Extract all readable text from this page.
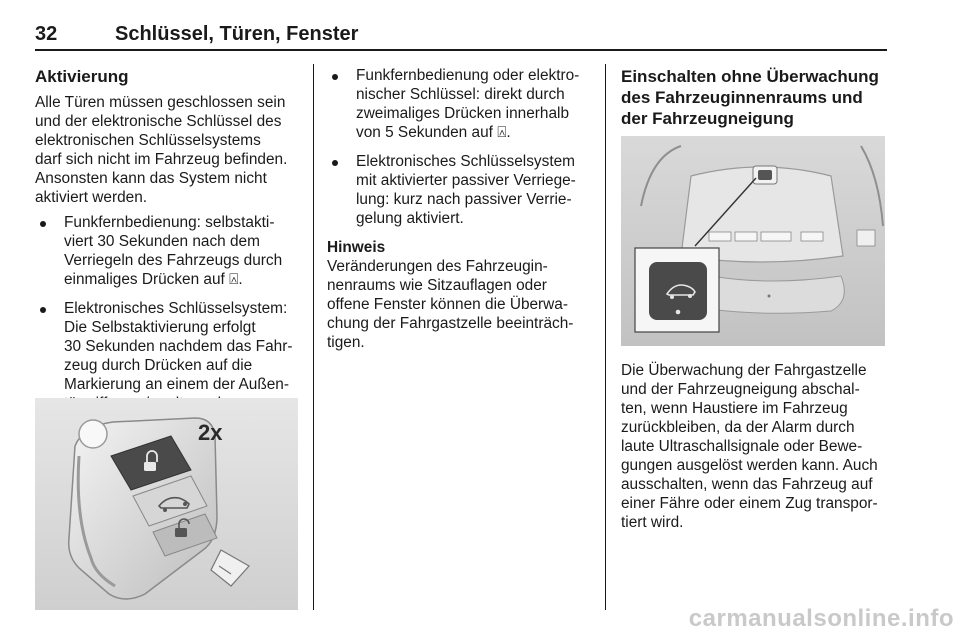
32	Schlüssel, Türen, Fenster
Aktivierung
Alle Türen müssen geschlossen sein
und der elektronische Schlüssel des
elektronischen Schlüsselsystems
darf sich nicht im Fahrzeug befinden.
Ansonsten kann das System nicht
aktiviert werden.
Funkfernbedienung: selbstakti-
viert 30 Sekunden nach dem
Verriegeln des Fahrzeugs durch
einmaliges Drücken auf ⍓.
Elektronisches Schlüsselsystem:
Die Selbstaktivierung erfolgt
30 Sekunden nachdem das Fahr-
zeug durch Drücken auf die
Markierung an einem der Außen-
2x
Funkfernbedienung oder elektro-
nischer Schlüssel: direkt durch
zweimaliges Drücken innerhalb
von 5 Sekunden auf ⍓.
Elektronisches Schlüsselsystem
mit aktivierter passiver Verriege-
lung: kurz nach passiver Verrie-
gelung aktiviert.
Hinweis
Veränderungen des Fahrzeugin-
nenraums wie Sitzauflagen oder
offene Fenster können die Überwa-
chung der Fahrgastzelle beeinträch-
tigen.
Einschalten ohne Überwachung
des Fahrzeuginnenraums und
der Fahrzeugneigung
Die Überwachung der Fahrgastzelle
und der Fahrzeugneigung abschal-
ten, wenn Haustiere im Fahrzeug
zurückbleiben, da der Alarm durch
laute Ultraschallsignale oder Bewe-
gungen ausgelöst werden kann. Auch
ausschalten, wenn das Fahrzeug auf
einer Fähre oder einem Zug transpor-
tiert wird.
carmanualsonline.info
